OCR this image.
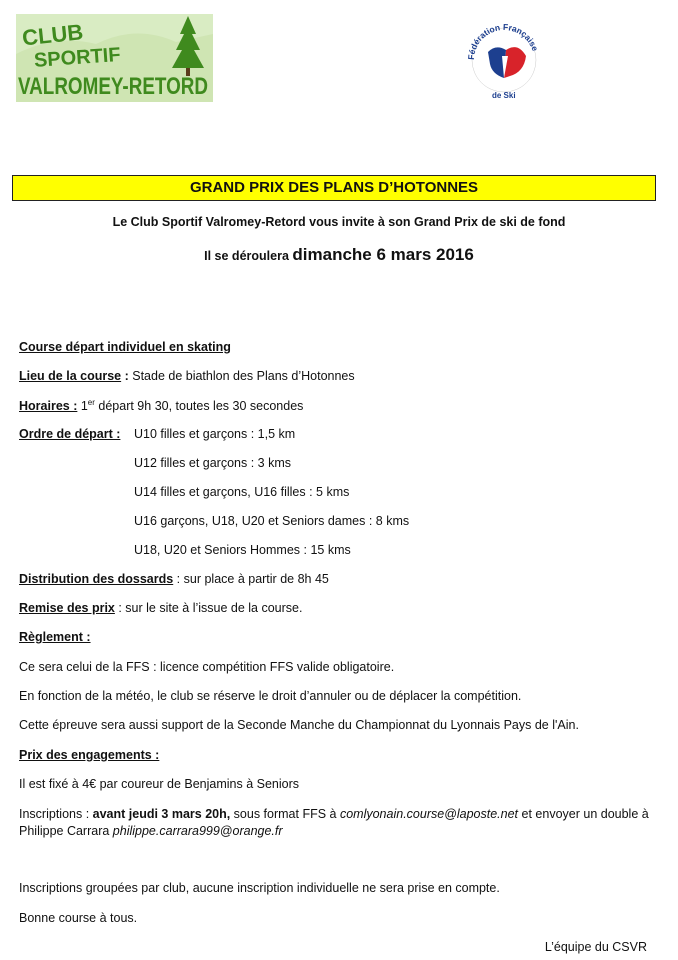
CLUB
SPORTIF
VALROMEY-RETORD
Fédération Française
de Ski
GRAND PRIX DES PLANS D’HOTONNES
Le Club Sportif Valromey-Retord vous invite à son Grand Prix de ski de fond
Il se déroulera dimanche 6 mars 2016
Course départ individuel en skating
Lieu de la course : Stade de biathlon des Plans d’Hotonnes
Horaires : 1er départ 9h 30, toutes les 30 secondes
Ordre de départ : U10 filles et garçons : 1,5 km
U12 filles et garçons : 3 kms
U14 filles et garçons, U16 filles : 5 kms
U16 garçons, U18, U20 et Seniors dames : 8 kms
U18, U20 et Seniors Hommes : 15 kms
Distribution des dossards : sur place à partir de 8h 45
Remise des prix : sur le site à l’issue de la course.
Règlement :
Ce sera celui de la FFS : licence compétition FFS valide obligatoire.
En fonction de la météo, le club se réserve le droit d’annuler ou de déplacer la compétition.
Cette épreuve sera aussi support de la Seconde Manche du Championnat du Lyonnais Pays de l'Ain.
Prix des engagements :
Il est fixé à 4€ par coureur de Benjamins à Seniors
Inscriptions : avant jeudi 3 mars 20h, sous format FFS à comlyonain.course@laposte.net et envoyer un double à
Philippe Carrara philippe.carrara999@orange.fr
Inscriptions groupées par club, aucune inscription individuelle ne sera prise en compte.
Bonne course à tous.
L’équipe du CSVR
